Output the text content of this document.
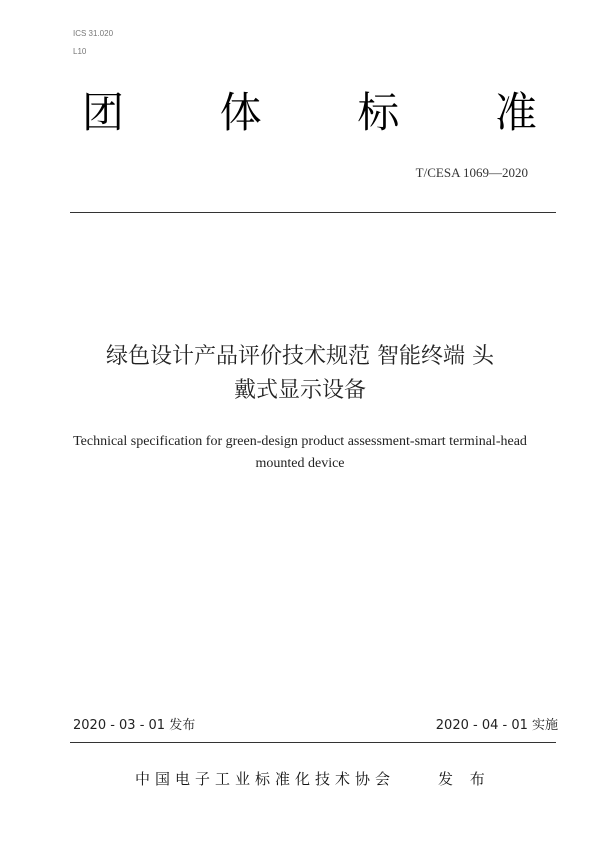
ICS 31.020
L10
团 体 标 准
T/CESA 1069—2020
绿色设计产品评价技术规范 智能终端 头
戴式显示设备
Technical specification for green-design product assessment-smart terminal-head
mounted device
2020 - 03 - 01 发布	2020 - 04 - 01 实施
中国电子工业标准化技术协会	发 布
